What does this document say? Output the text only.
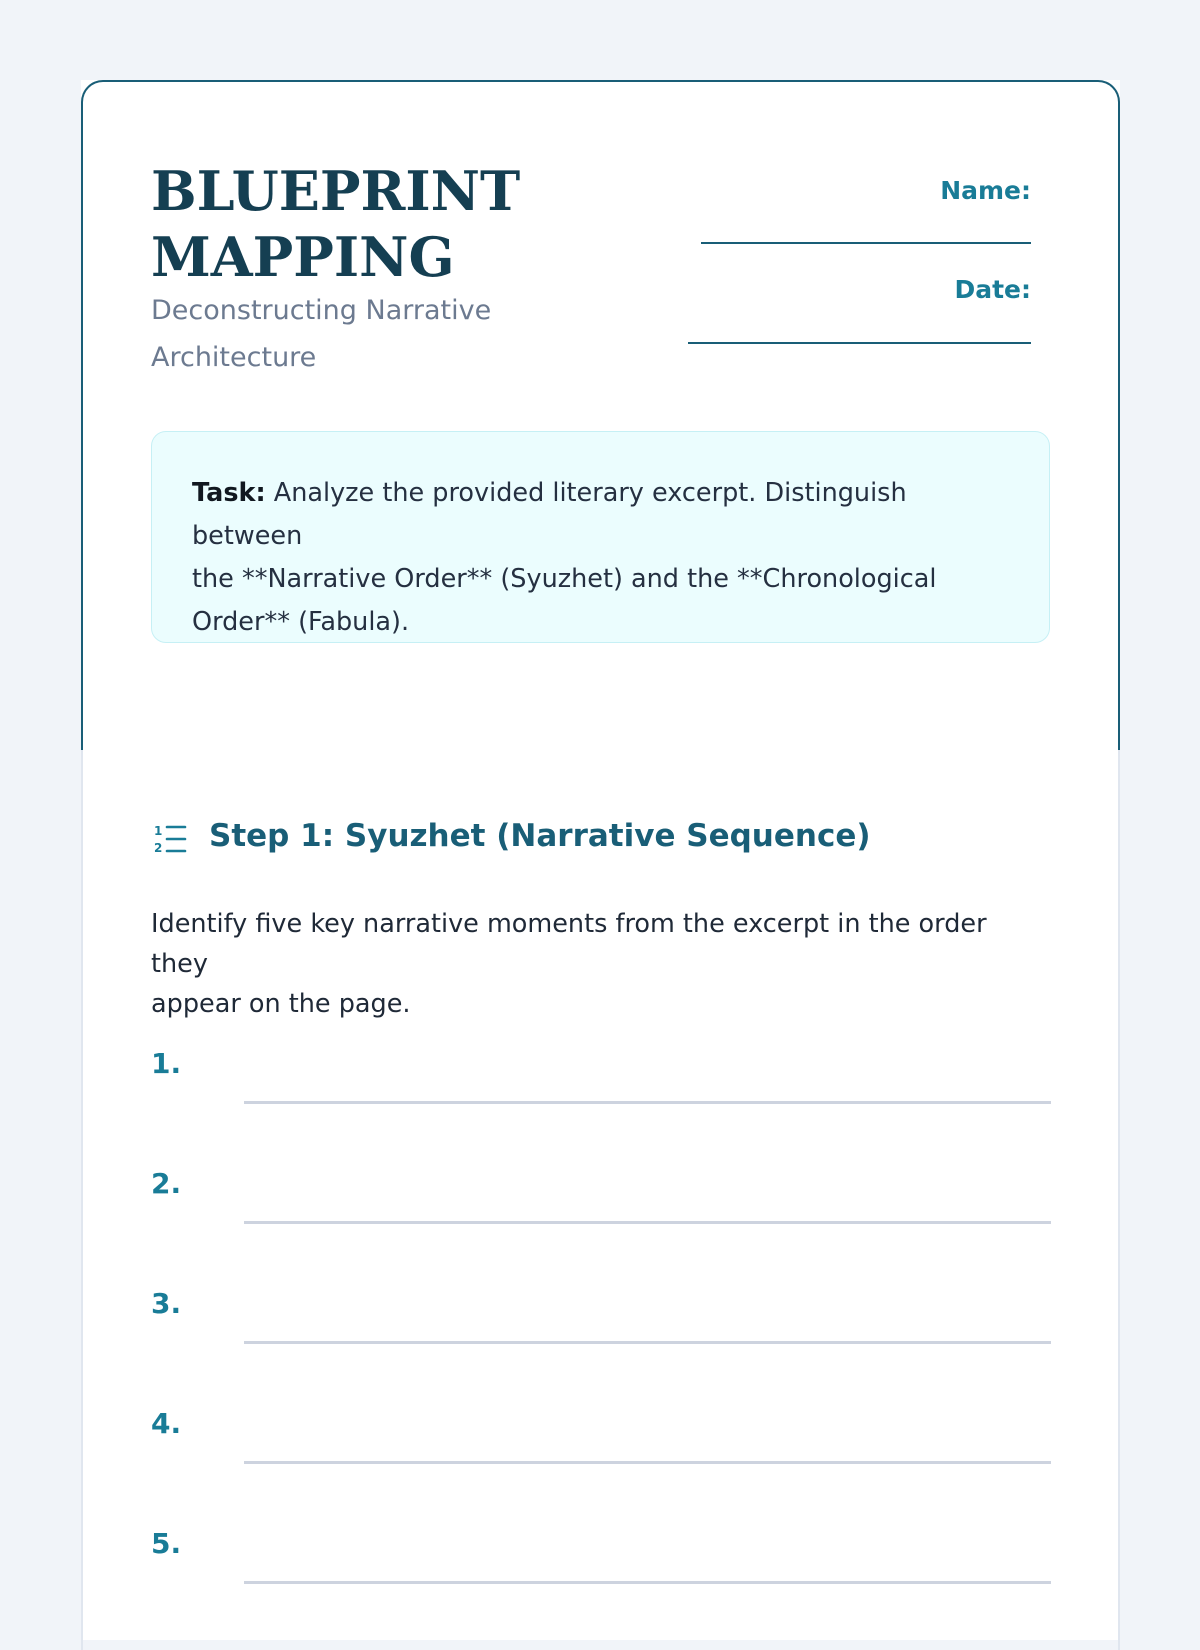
BLUEPRINT
MAPPING
Deconstructing Narrative
Architecture
Name:
Date:
Task: Analyze the provided literary excerpt. Distinguish between
the **Narrative Order** (Syuzhet) and the **Chronological
Order** (Fabula).
1
2 Step 1: Syuzhet (Narrative Sequence)
Identify five key narrative moments from the excerpt in the order they
appear on the page.
1.
2.
3.
4.
5.
